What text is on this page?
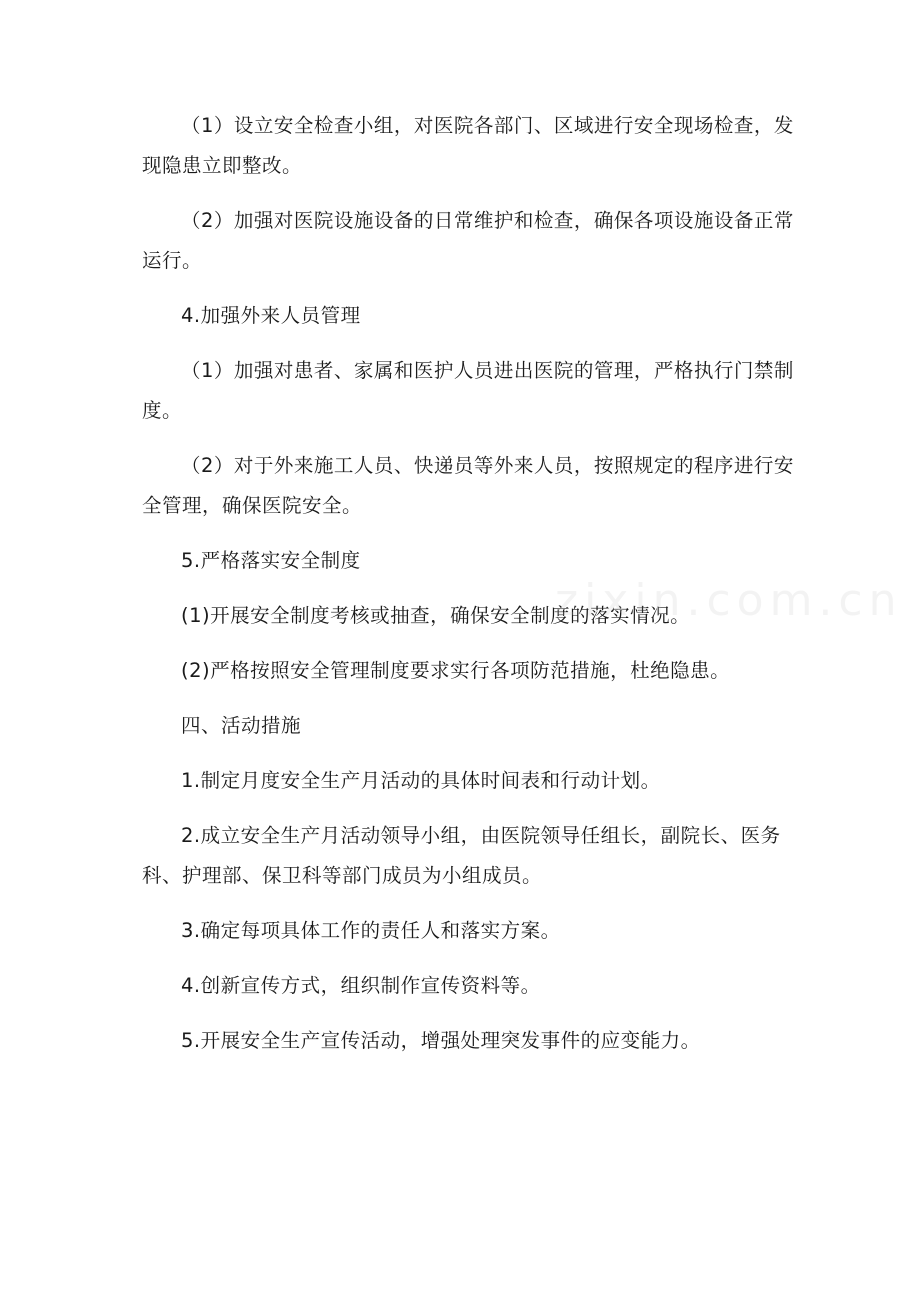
（1）设立安全检查小组，对医院各部门、区域进行安全现场检查，发现隐患立即整改。

（2）加强对医院设施设备的日常维护和检查，确保各项设施设备正常运行。

4.加强外来人员管理

（1）加强对患者、家属和医护人员进出医院的管理，严格执行门禁制度。

（2）对于外来施工人员、快递员等外来人员，按照规定的程序进行安全管理，确保医院安全。

5.严格落实安全制度

(1)开展安全制度考核或抽查，确保安全制度的落实情况。

(2)严格按照安全管理制度要求实行各项防范措施，杜绝隐患。

四、活动措施

1.制定月度安全生产月活动的具体时间表和行动计划。

2.成立安全生产月活动领导小组，由医院领导任组长，副院长、医务科、护理部、保卫科等部门成员为小组成员。

3.确定每项具体工作的责任人和落实方案。

4.创新宣传方式，组织制作宣传资料等。

5.开展安全生产宣传活动，增强处理突发事件的应变能力。

zixin.com.cn
